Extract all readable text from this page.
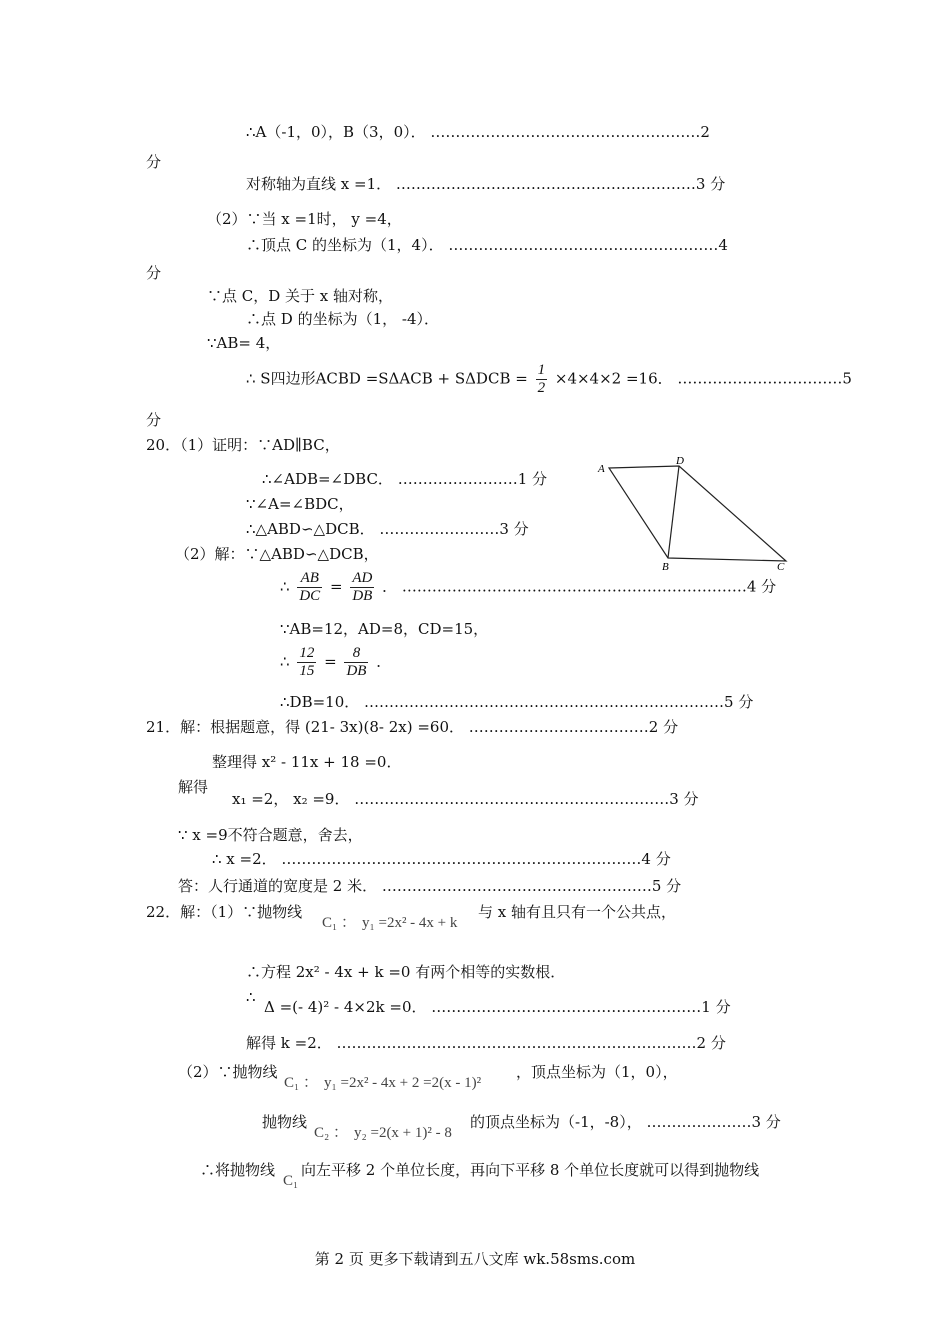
∴A（-1，0），B（3，0）． ………………………………………………2
分
对称轴为直线 x =1． ……………………………………………………3 分
（2）∵当 x =1时， y =4，
∴顶点 C 的坐标为（1，4）． ………………………………………………4
分
∵点 C，D 关于 x 轴对称，
∴点 D 的坐标为（1， -4）．
∵AB= 4，
∴ S四边形ACBD $=S\Delta ACB + S\Delta DCB = \frac{1}{2} \times 4\times 4\times 2 =16$． ……………………………5
分
20．（1）证明：∵AD∥BC，
∴∠ADB=∠DBC． ……………………1 分
∵∠A=∠BDC，
∴△ABD∽△DCB． ……………………3 分
（2）解：∵△ABD∽△DCB，
∴ $\frac{AB}{DC} = \frac{AD}{DB}$ ． ……………………………………………………………4 分
∵AB=12，AD=8，CD=15，
∴ $\frac{12}{15} = \frac{8}{DB}$ ．
∴DB=10． ………………………………………………………………5 分
21．解：根据题意，得 (21- 3x)(8- 2x) =60． ………………………………2 分
整理得 x² - 11x + 18 =0．
解得
x₁ =2， x₂ =9． ………………………………………………………3 分
∵ x =9不符合题意，舍去，
∴ x =2． ………………………………………………………………4 分
答：人行通道的宽度是 2 米． ………………………………………………5 分
22．解：（1）∵抛物线
C₁ ： y₁ =2x² - 4x + k
与 x 轴有且只有一个公共点，
∴方程 2x² - 4x + k =0 有两个相等的实数根．
∴
Δ =(- 4)² - 4×2k =0． ………………………………………………1 分
解得 k =2． ………………………………………………………………2 分
（2）∵抛物线
C₁ ： y₁ =2x² - 4x + 2 =2(x - 1)²
，顶点坐标为（1，0），
抛物线
C₂ ： y₂ =2(x + 1)² - 8
的顶点坐标为（-1，-8）， …………………3 分
∴将抛物线
C₁
向左平移 2 个单位长度，再向下平移 8 个单位长度就可以得到抛物线
A
D
B	C
第 2 页 更多下载请到五八文库 wk.58sms.com
